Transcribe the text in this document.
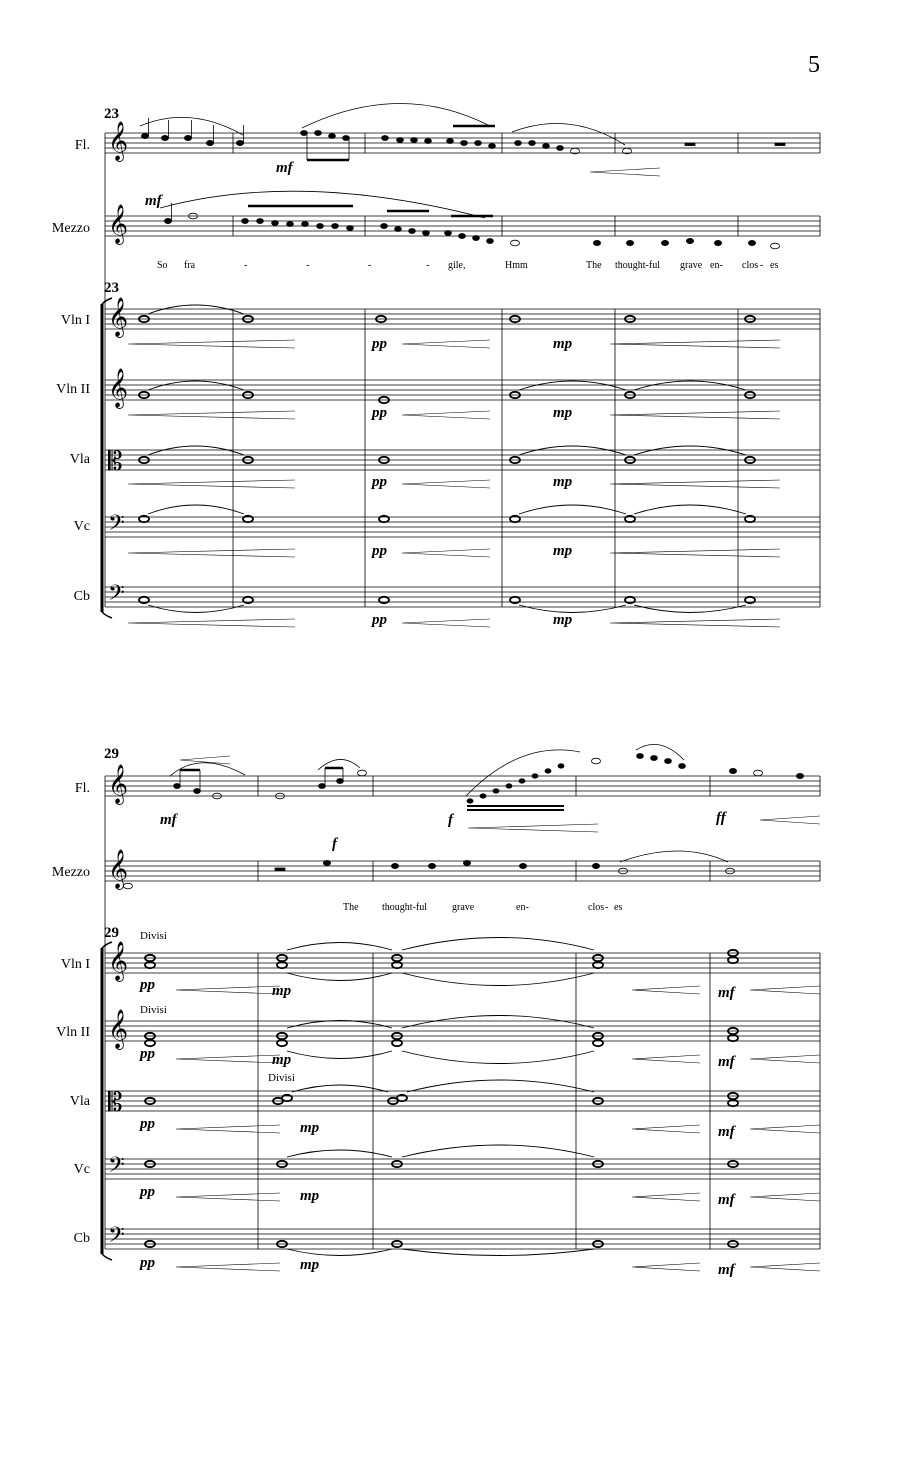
5
𝄞
𝄞
𝄞
𝄞
𝄡
𝄢
𝄢
𝄞
𝄞
𝄞
𝄞
𝄡
𝄢
𝄢
23
Fl.
Mezzo
23
Vln I
Vln II
Vla
Vc
Cb
mf
mf
pp	mp
pp	mp
pp	mp
pp	mp
pp	mp
So fra	-	-	-	- gile,	Hmm	The thought-ful grave en- clos - es
29
Fl.
Mezzo
29
Vln I
Vln II
Vla
Vc
Cb
mf	f	ff
f
The thought-ful	grave	en-	clos - es
Divisi
Divisi
Divisi
pp	mp	mf
pp	mp	mf
pp	mp	mf
pp	mp	mf
pp	mp	mf
